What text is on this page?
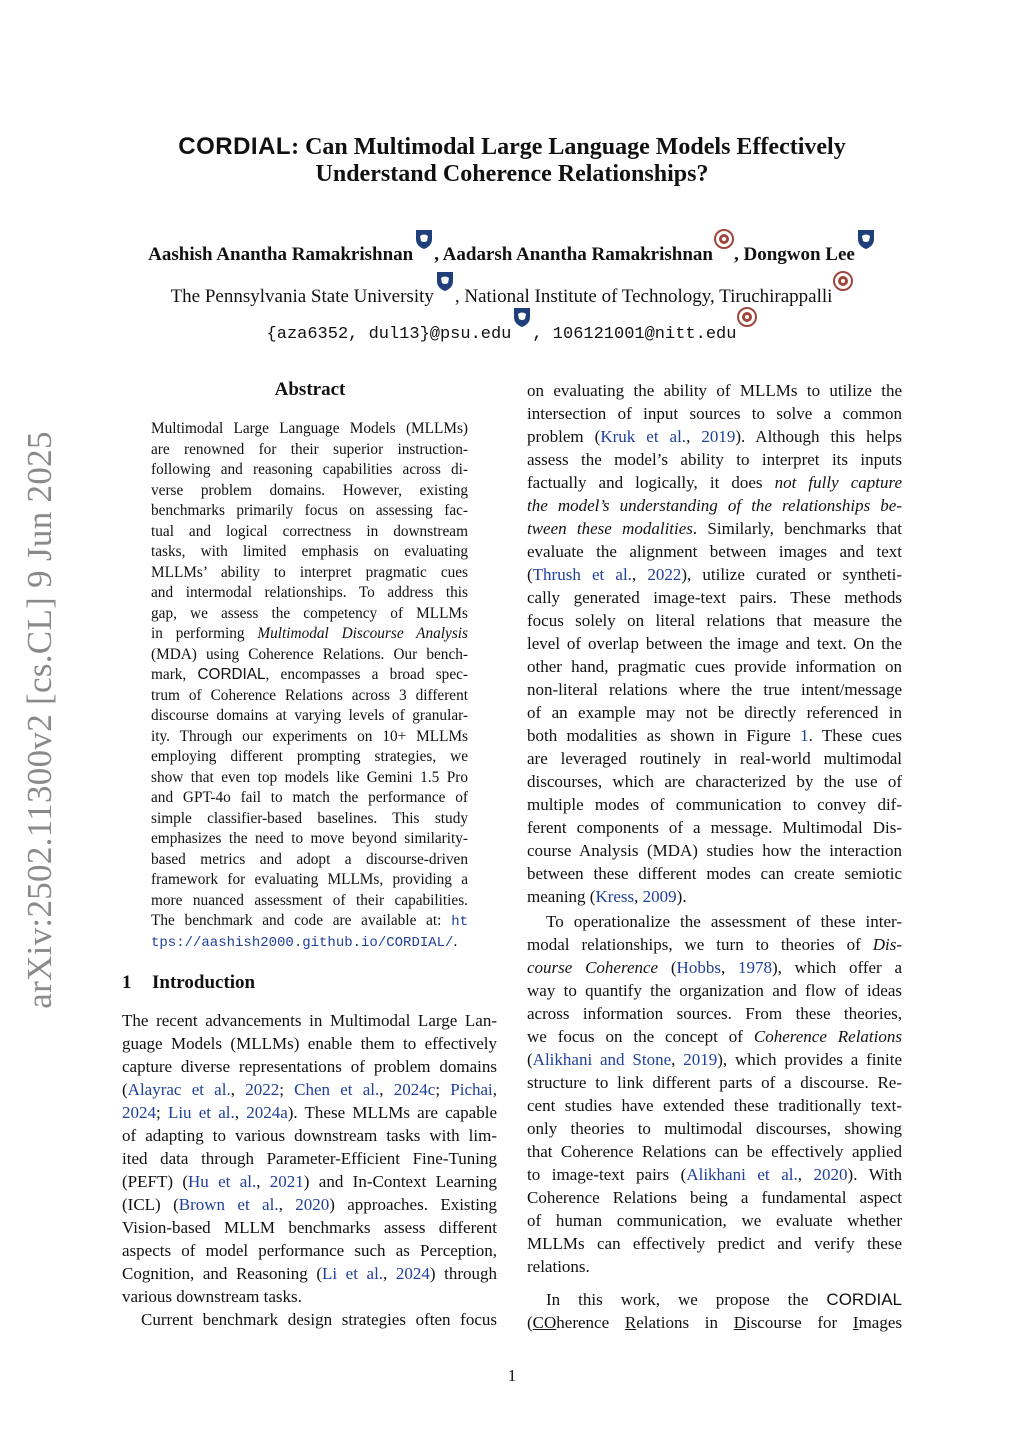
arXiv:2502.11300v2 [cs.CL] 9 Jun 2025
CORDIAL: Can Multimodal Large Language Models Effectively
Understand Coherence Relationships?
Aashish Anantha Ramakrishnan , Aadarsh Anantha Ramakrishnan , Dongwon Lee
The Pennsylvania State University , National Institute of Technology, Tiruchirappalli
{aza6352, dul13}@psu.edu , 106121001@nitt.edu
Abstract
Multimodal Large Language Models (MLLMs)
are renowned for their superior instruction-
following and reasoning capabilities across di-
verse problem domains. However, existing
benchmarks primarily focus on assessing fac-
tual and logical correctness in downstream
tasks, with limited emphasis on evaluating
MLLMs’ ability to interpret pragmatic cues
and intermodal relationships. To address this
gap, we assess the competency of MLLMs
in performing Multimodal Discourse Analysis
(MDA) using Coherence Relations. Our bench-
mark, CORDIAL, encompasses a broad spec-
trum of Coherence Relations across 3 different
discourse domains at varying levels of granular-
ity. Through our experiments on 10+ MLLMs
employing different prompting strategies, we
show that even top models like Gemini 1.5 Pro
and GPT-4o fail to match the performance of
simple classifier-based baselines. This study
emphasizes the need to move beyond similarity-
based metrics and adopt a discourse-driven
framework for evaluating MLLMs, providing a
more nuanced assessment of their capabilities.
The benchmark and code are available at: ht
tps://aashish2000.github.io/CORDIAL/.
1 Introduction
The recent advancements in Multimodal Large Lan-
guage Models (MLLMs) enable them to effectively
capture diverse representations of problem domains
(Alayrac et al., 2022; Chen et al., 2024c; Pichai,
2024; Liu et al., 2024a). These MLLMs are capable
of adapting to various downstream tasks with lim-
ited data through Parameter-Efficient Fine-Tuning
(PEFT) (Hu et al., 2021) and In-Context Learning
(ICL) (Brown et al., 2020) approaches. Existing
Vision-based MLLM benchmarks assess different
aspects of model performance such as Perception,
Cognition, and Reasoning (Li et al., 2024) through
various downstream tasks.
Current benchmark design strategies often focus
on evaluating the ability of MLLMs to utilize the
intersection of input sources to solve a common
problem (Kruk et al., 2019). Although this helps
assess the model’s ability to interpret its inputs
factually and logically, it does not fully capture
the model’s understanding of the relationships be-
tween these modalities. Similarly, benchmarks that
evaluate the alignment between images and text
(Thrush et al., 2022), utilize curated or syntheti-
cally generated image-text pairs. These methods
focus solely on literal relations that measure the
level of overlap between the image and text. On the
other hand, pragmatic cues provide information on
non-literal relations where the true intent/message
of an example may not be directly referenced in
both modalities as shown in Figure 1. These cues
are leveraged routinely in real-world multimodal
discourses, which are characterized by the use of
multiple modes of communication to convey dif-
ferent components of a message. Multimodal Dis-
course Analysis (MDA) studies how the interaction
between these different modes can create semiotic
meaning (Kress, 2009).
To operationalize the assessment of these inter-
modal relationships, we turn to theories of Dis-
course Coherence (Hobbs, 1978), which offer a
way to quantify the organization and flow of ideas
across information sources. From these theories,
we focus on the concept of Coherence Relations
(Alikhani and Stone, 2019), which provides a finite
structure to link different parts of a discourse. Re-
cent studies have extended these traditionally text-
only theories to multimodal discourses, showing
that Coherence Relations can be effectively applied
to image-text pairs (Alikhani et al., 2020). With
Coherence Relations being a fundamental aspect
of human communication, we evaluate whether
MLLMs can effectively predict and verify these
relations.
In this work, we propose the CORDIAL
(COherence Relations in Discourse for Images
1
